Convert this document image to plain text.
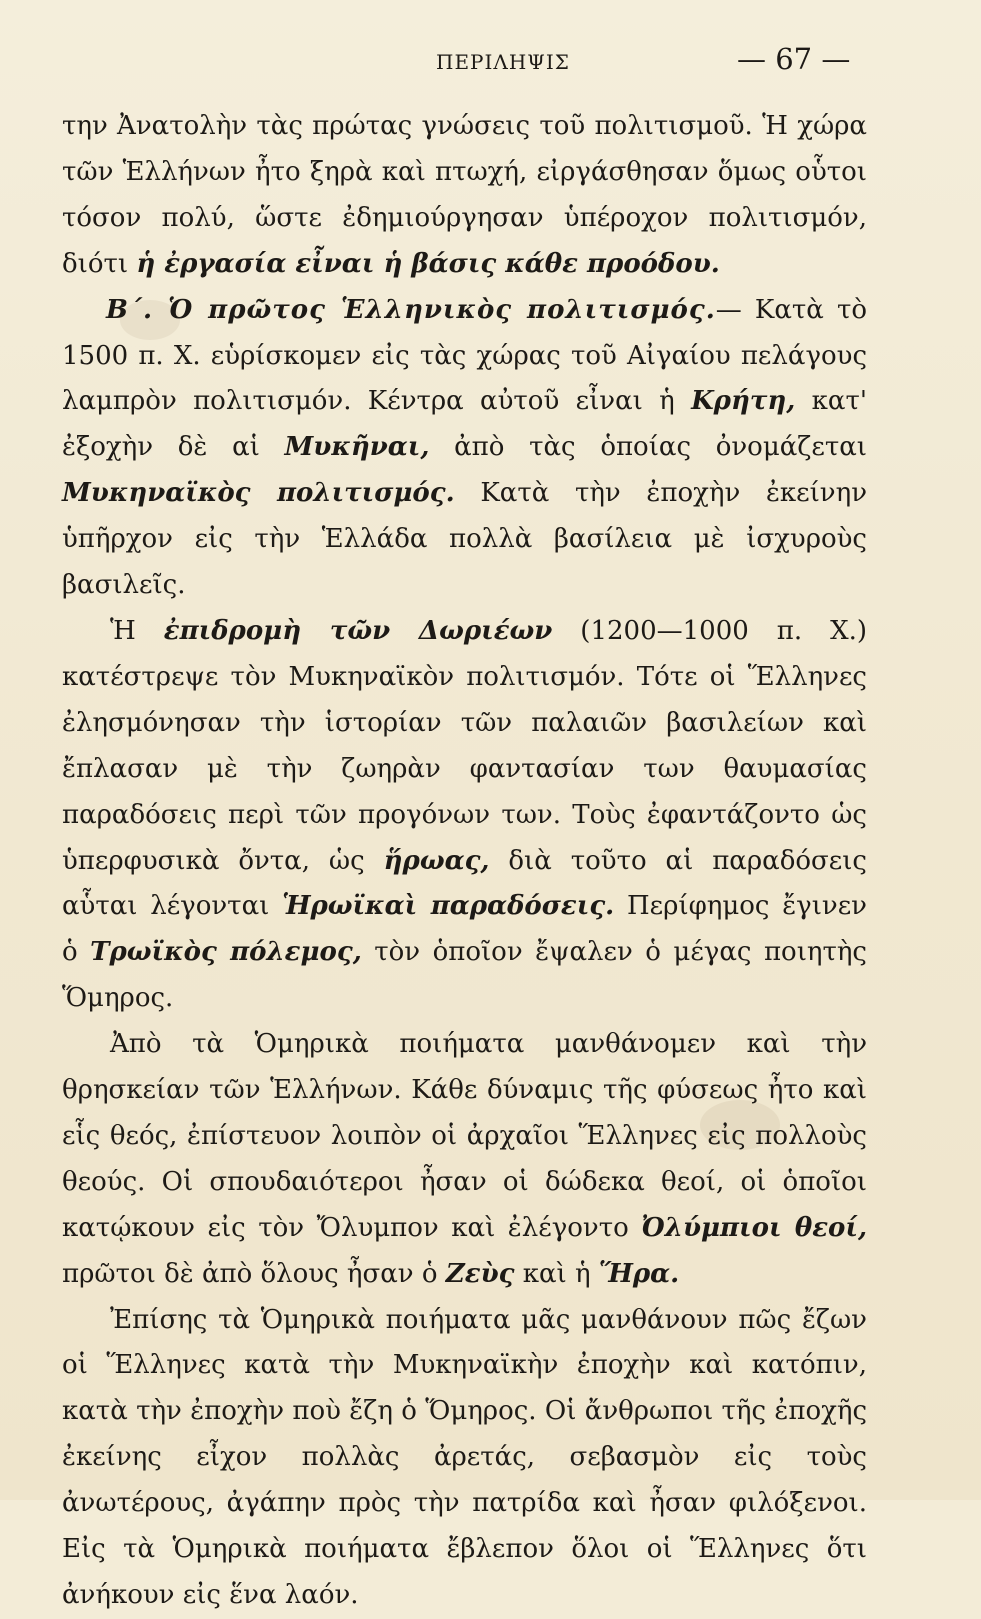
ΠΕΡΙΛΗΨΙΣ	— 67 —

την Ἀνατολὴν τὰς πρώτας γνώσεις τοῦ πολιτισμοῦ. Ἡ χώρα τῶν Ἑλλήνων ἦτο ξηρὰ καὶ πτωχή, εἰργάσθησαν ὅμως οὗτοι τόσον πολύ, ὥστε ἐδημιούργησαν ὑπέροχον πολιτισμόν, διότι ἡ ἐργασία εἶναι ἡ βάσις κάθε προόδου.

Β΄. Ὁ πρῶτος Ἑλληνικὸς πολιτισμός.— Κατὰ τὸ 1500 π. Χ. εὑρίσκομεν εἰς τὰς χώρας τοῦ Αἰγαίου πελάγους λαμπρὸν πολιτισμόν. Κέντρα αὐτοῦ εἶναι ἡ Κρήτη, κατ' ἐξοχὴν δὲ αἱ Μυκῆναι, ἀπὸ τὰς ὁποίας ὀνομάζεται Μυκηναϊκὸς πολιτισμός. Κατὰ τὴν ἐποχὴν ἐκείνην ὑπῆρχον εἰς τὴν Ἑλλάδα πολλὰ βασίλεια μὲ ἰσχυροὺς βασιλεῖς.

Ἡ ἐπιδρομὴ τῶν Δωριέων (1200—1000 π. Χ.) κατέστρεψε τὸν Μυκηναϊκὸν πολιτισμόν. Τότε οἱ Ἕλληνες ἐλησμόνησαν τὴν ἱστορίαν τῶν παλαιῶν βασιλείων καὶ ἔπλασαν μὲ τὴν ζωηρὰν φαντασίαν των θαυμασίας παραδόσεις περὶ τῶν προγόνων των. Τοὺς ἐφαντάζοντο ὡς ὑπερφυσικὰ ὄντα, ὡς ἥρωας, διὰ τοῦτο αἱ παραδόσεις αὗται λέγονται Ἡρωϊκαὶ παραδόσεις. Περίφημος ἔγινεν ὁ Τρωϊκὸς πόλεμος, τὸν ὁποῖον ἔψαλεν ὁ μέγας ποιητὴς Ὅμηρος.

Ἀπὸ τὰ Ὁμηρικὰ ποιήματα μανθάνομεν καὶ τὴν θρησκείαν τῶν Ἑλλήνων. Κάθε δύναμις τῆς φύσεως ἦτο καὶ εἷς θεός, ἐπίστευον λοιπὸν οἱ ἀρχαῖοι Ἕλληνες εἰς πολλοὺς θεούς. Οἱ σπουδαιότεροι ἦσαν οἱ δώδεκα θεοί, οἱ ὁποῖοι κατῴκουν εἰς τὸν Ὄλυμπον καὶ ἐλέγοντο Ὀλύμπιοι θεοί, πρῶτοι δὲ ἀπὸ ὅλους ἦσαν ὁ Ζεὺς καὶ ἡ Ἥρα.

Ἐπίσης τὰ Ὁμηρικὰ ποιήματα μᾶς μανθάνουν πῶς ἔζων οἱ Ἕλληνες κατὰ τὴν Μυκηναϊκὴν ἐποχὴν καὶ κατόπιν, κατὰ τὴν ἐποχὴν ποὺ ἔζη ὁ Ὅμηρος. Οἱ ἄνθρωποι τῆς ἐποχῆς ἐκείνης εἶχον πολλὰς ἀρετάς, σεβασμὸν εἰς τοὺς ἀνωτέρους, ἀγάπην πρὸς τὴν πατρίδα καὶ ἦσαν φιλόξενοι. Εἰς τὰ Ὁμηρικὰ ποιήματα ἔβλεπον ὅλοι οἱ Ἕλληνες ὅτι ἀνήκουν εἰς ἕνα λαόν.
